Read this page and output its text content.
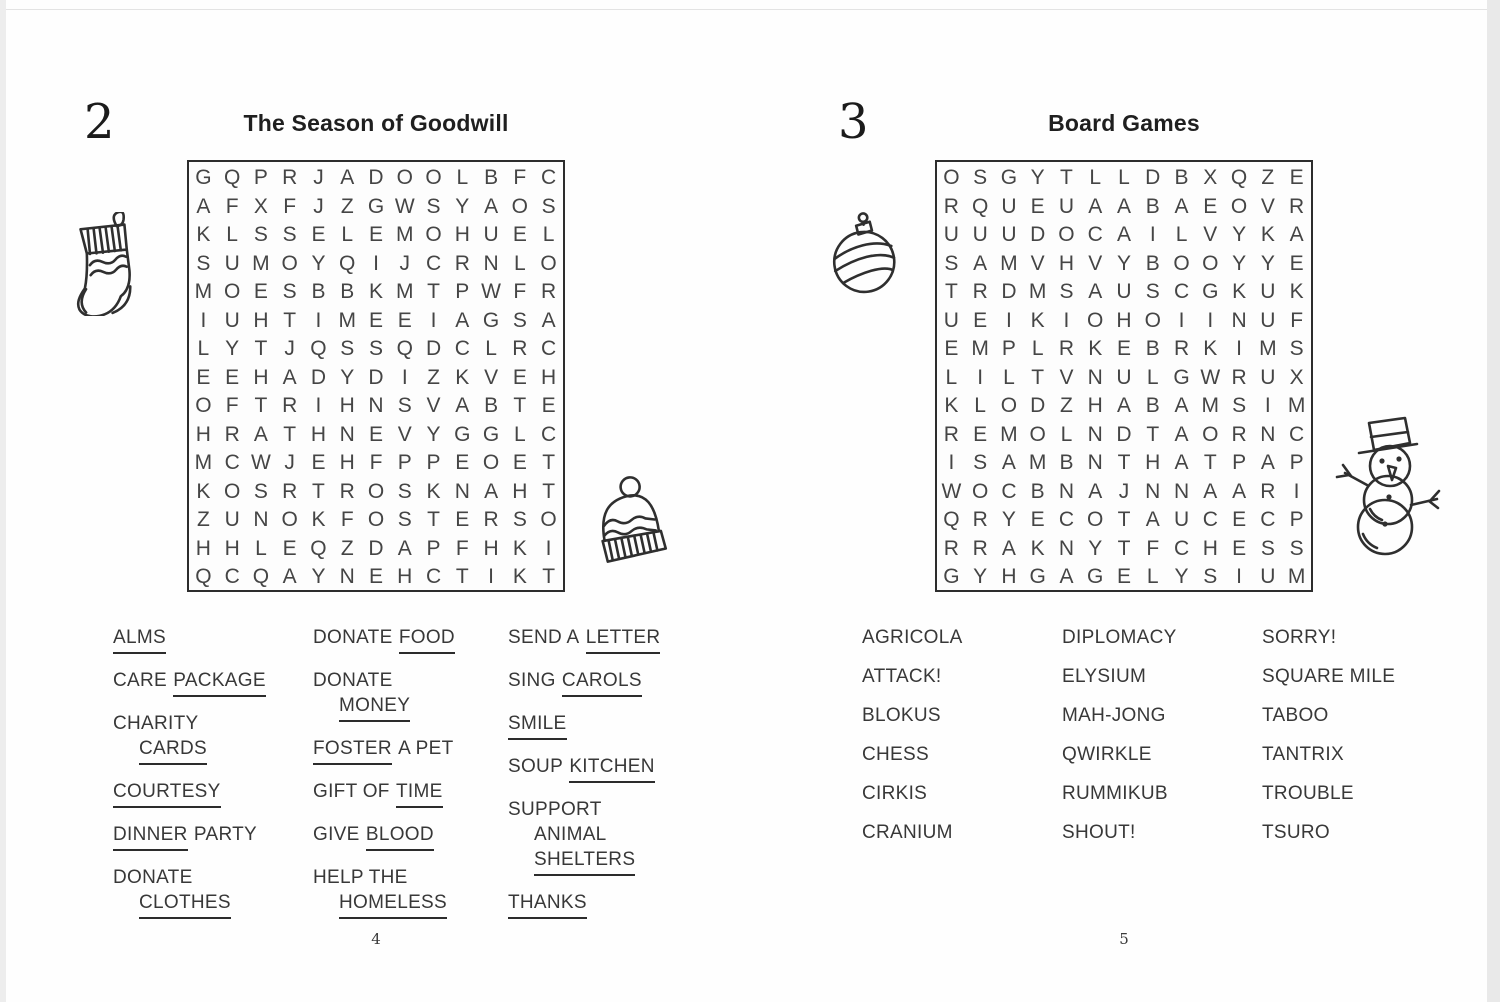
2	The Season of Goodwill
G Q P R J A D O O L B F C
A F X F J Z G W S Y A O S
K L S S E L E M O H U E L
S U M O Y Q I J C R N L O
M O E S B B K M T P W F R
I U H T I M E E I A G S A
L Y T J Q S S Q D C L R C
E E H A D Y D I Z K V E H
O F T R I H N S V A B T E
H R A T H N E V Y G G L C
M C W J E H F P P E O E T
K O S R T R O S K N A H T
Z U N O K F O S T E R S O
H H L E Q Z D A P F H K I
Q C Q A Y N E H C T I K T
ALMS
CARE PACKAGE
CHARITY
CARDS
COURTESY
DINNER PARTY
DONATE
CLOTHES
DONATE FOOD
DONATE
MONEY
FOSTER A PET
GIFT OF TIME
GIVE BLOOD
HELP THE
HOMELESS
SEND A LETTER
SING CAROLS
SMILE
SOUP KITCHEN
SUPPORT
ANIMAL
SHELTERS
THANKS
4
3	Board Games
O S G Y T L L D B X Q Z E
R Q U E U A A B A E O V R
U U U D O C A I L V Y K A
S A M V H V Y B O O Y Y E
T R D M S A U S C G K U K
U E I K I O H O I	I N U F
E M P L R K E B R K I M S
L I L T V N U L G W R U X
K L O D Z H A B A M S I M
R E M O L N D T A O R N C
I S A M B N T H A T P A P
W O C B N A J N N A A R I
Q R Y E C O T A U C E C P
R R A K N Y T F C H E S S
G Y H G A G E L Y S I U M
AGRICOLA
ATTACK!
BLOKUS
CHESS
CIRKIS
CRANIUM
DIPLOMACY
ELYSIUM
MAH-JONG
QWIRKLE
RUMMIKUB
SHOUT!
SORRY!
SQUARE MILE
TABOO
TANTRIX
TROUBLE
TSURO
5
